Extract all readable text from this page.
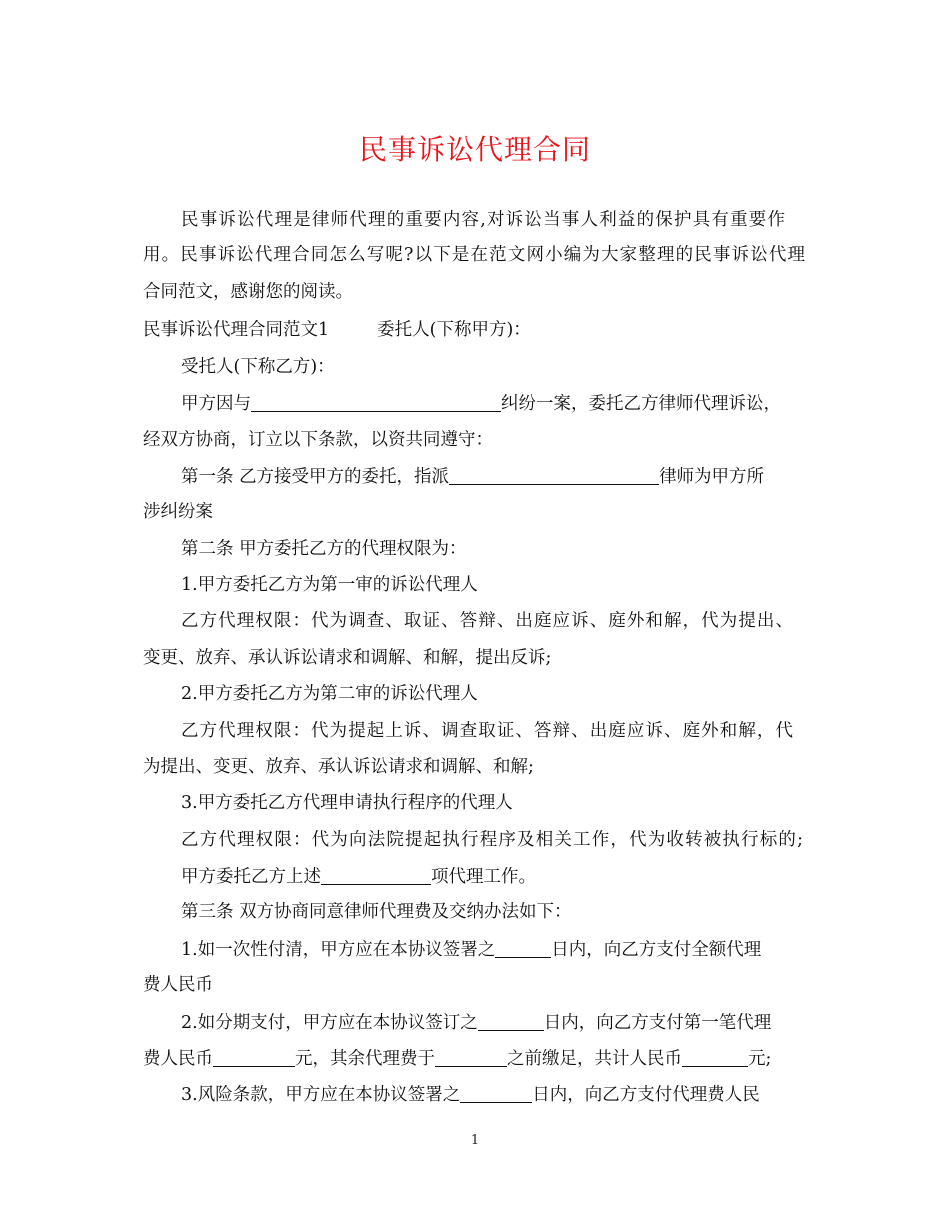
民事诉讼代理合同

民事诉讼代理是律师代理的重要内容,对诉讼当事人利益的保护具有重要作

用。民事诉讼代理合同怎么写呢?以下是在范文网小编为大家整理的民事诉讼代理

合同范文，感谢您的阅读。

民事诉讼代理合同范文1	委托人(下称甲方)：

受托人(下称乙方)：

甲方因与	纠纷一案，委托乙方律师代理诉讼，

经双方协商，订立以下条款，以资共同遵守：

第一条 乙方接受甲方的委托，指派	律师为甲方所

涉纠纷案

第二条 甲方委托乙方的代理权限为：

1.甲方委托乙方为第一审的诉讼代理人

乙方代理权限：代为调查、取证、答辩、出庭应诉、庭外和解，代为提出、

变更、放弃、承认诉讼请求和调解、和解，提出反诉;

2.甲方委托乙方为第二审的诉讼代理人

乙方代理权限：代为提起上诉、调查取证、答辩、出庭应诉、庭外和解，代

为提出、变更、放弃、承认诉讼请求和调解、和解;

3.甲方委托乙方代理申请执行程序的代理人

乙方代理权限：代为向法院提起执行程序及相关工作，代为收转被执行标的;

甲方委托乙方上述	项代理工作。

第三条 双方协商同意律师代理费及交纳办法如下：

1.如一次性付清，甲方应在本协议签署之	日内，向乙方支付全额代理

费人民币

2.如分期支付，甲方应在本协议签订之	日内，向乙方支付第一笔代理

费人民币	元，其余代理费于	之前缴足，共计人民币	元;

3.风险条款，甲方应在本协议签署之	日内，向乙方支付代理费人民

1
